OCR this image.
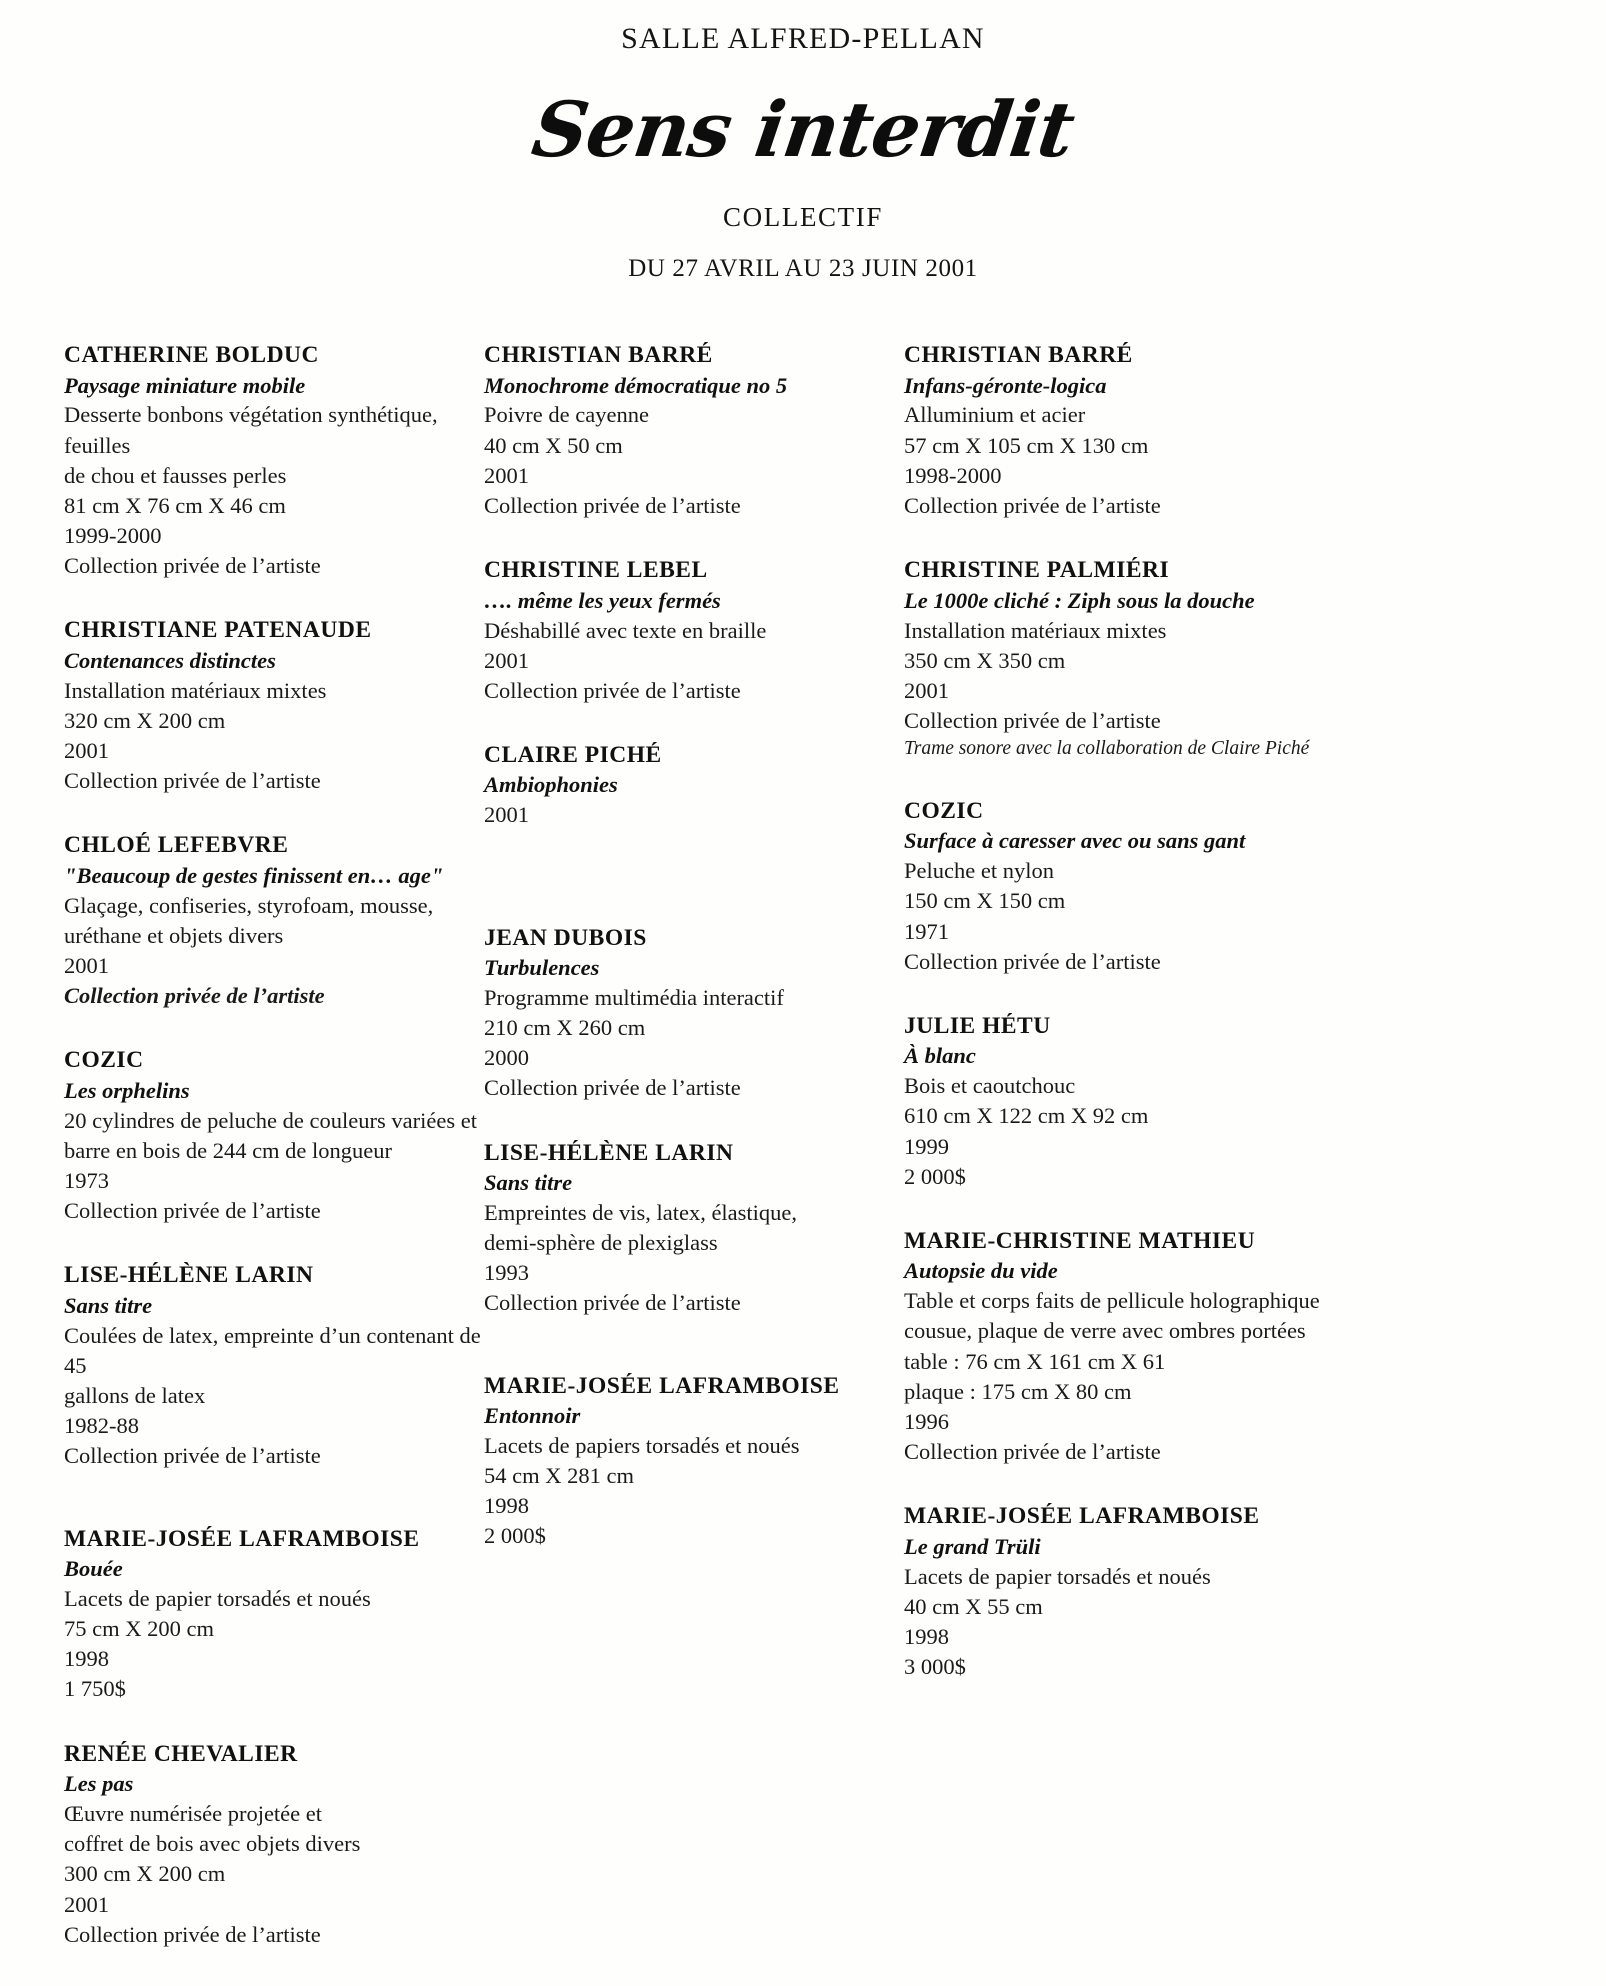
SALLE ALFRED-PELLAN
Sens interdit
COLLECTIF
DU 27 AVRIL AU 23 JUIN 2001
CATHERINE BOLDUC
Paysage miniature mobile
Desserte bonbons végétation synthétique, feuilles
de chou et fausses perles
81 cm X 76 cm X 46 cm
1999-2000
Collection privée de l’artiste
CHRISTIANE PATENAUDE
Contenances distinctes
Installation matériaux mixtes
320 cm X 200 cm
2001
Collection privée de l’artiste
CHLOÉ LEFEBVRE
"Beaucoup de gestes finissent en… age"
Glaçage, confiseries, styrofoam, mousse,
uréthane et objets divers
2001
Collection privée de l’artiste
COZIC
Les orphelins
20 cylindres de peluche de couleurs variées et
barre en bois de 244 cm de longueur
1973
Collection privée de l’artiste
LISE-HÉLÈNE LARIN
Sans titre
Coulées de latex, empreinte d’un contenant de 45
gallons de latex
1982-88
Collection privée de l’artiste
MARIE-JOSÉE LAFRAMBOISE
Bouée
Lacets de papier torsadés et noués
75 cm X 200 cm
1998
1 750$
RENÉE CHEVALIER
Les pas
Œuvre numérisée projetée et
coffret de bois avec objets divers
300 cm X 200 cm
2001
Collection privée de l’artiste
CHRISTIAN BARRÉ
Monochrome démocratique no 5
Poivre de cayenne
40 cm X 50 cm
2001
Collection privée de l’artiste
CHRISTINE LEBEL
…. même les yeux fermés
Déshabillé avec texte en braille
2001
Collection privée de l’artiste
CLAIRE PICHÉ
Ambiophonies
2001
JEAN DUBOIS
Turbulences
Programme multimédia interactif
210 cm X 260 cm
2000
Collection privée de l’artiste
LISE-HÉLÈNE LARIN
Sans titre
Empreintes de vis, latex, élastique,
demi-sphère de plexiglass
1993
Collection privée de l’artiste
MARIE-JOSÉE LAFRAMBOISE
Entonnoir
Lacets de papiers torsadés et noués
54 cm X 281 cm
1998
2 000$
CHRISTIAN BARRÉ
Infans-géronte-logica
Alluminium et acier
57 cm X 105 cm X 130 cm
1998-2000
Collection privée de l’artiste
CHRISTINE PALMIÉRI
Le 1000e cliché : Ziph sous la douche
Installation matériaux mixtes
350 cm X 350 cm
2001
Collection privée de l’artiste
Trame sonore avec la collaboration de Claire Piché
COZIC
Surface à caresser avec ou sans gant
Peluche et nylon
150 cm X 150 cm
1971
Collection privée de l’artiste
JULIE HÉTU
À blanc
Bois et caoutchouc
610 cm X 122 cm X 92 cm
1999
2 000$
MARIE-CHRISTINE MATHIEU
Autopsie du vide
Table et corps faits de pellicule holographique
cousue, plaque de verre avec ombres portées
table : 76 cm X 161 cm X 61
plaque : 175 cm X 80 cm
1996
Collection privée de l’artiste
MARIE-JOSÉE LAFRAMBOISE
Le grand Trüli
Lacets de papier torsadés et noués
40 cm X 55 cm
1998
3 000$
